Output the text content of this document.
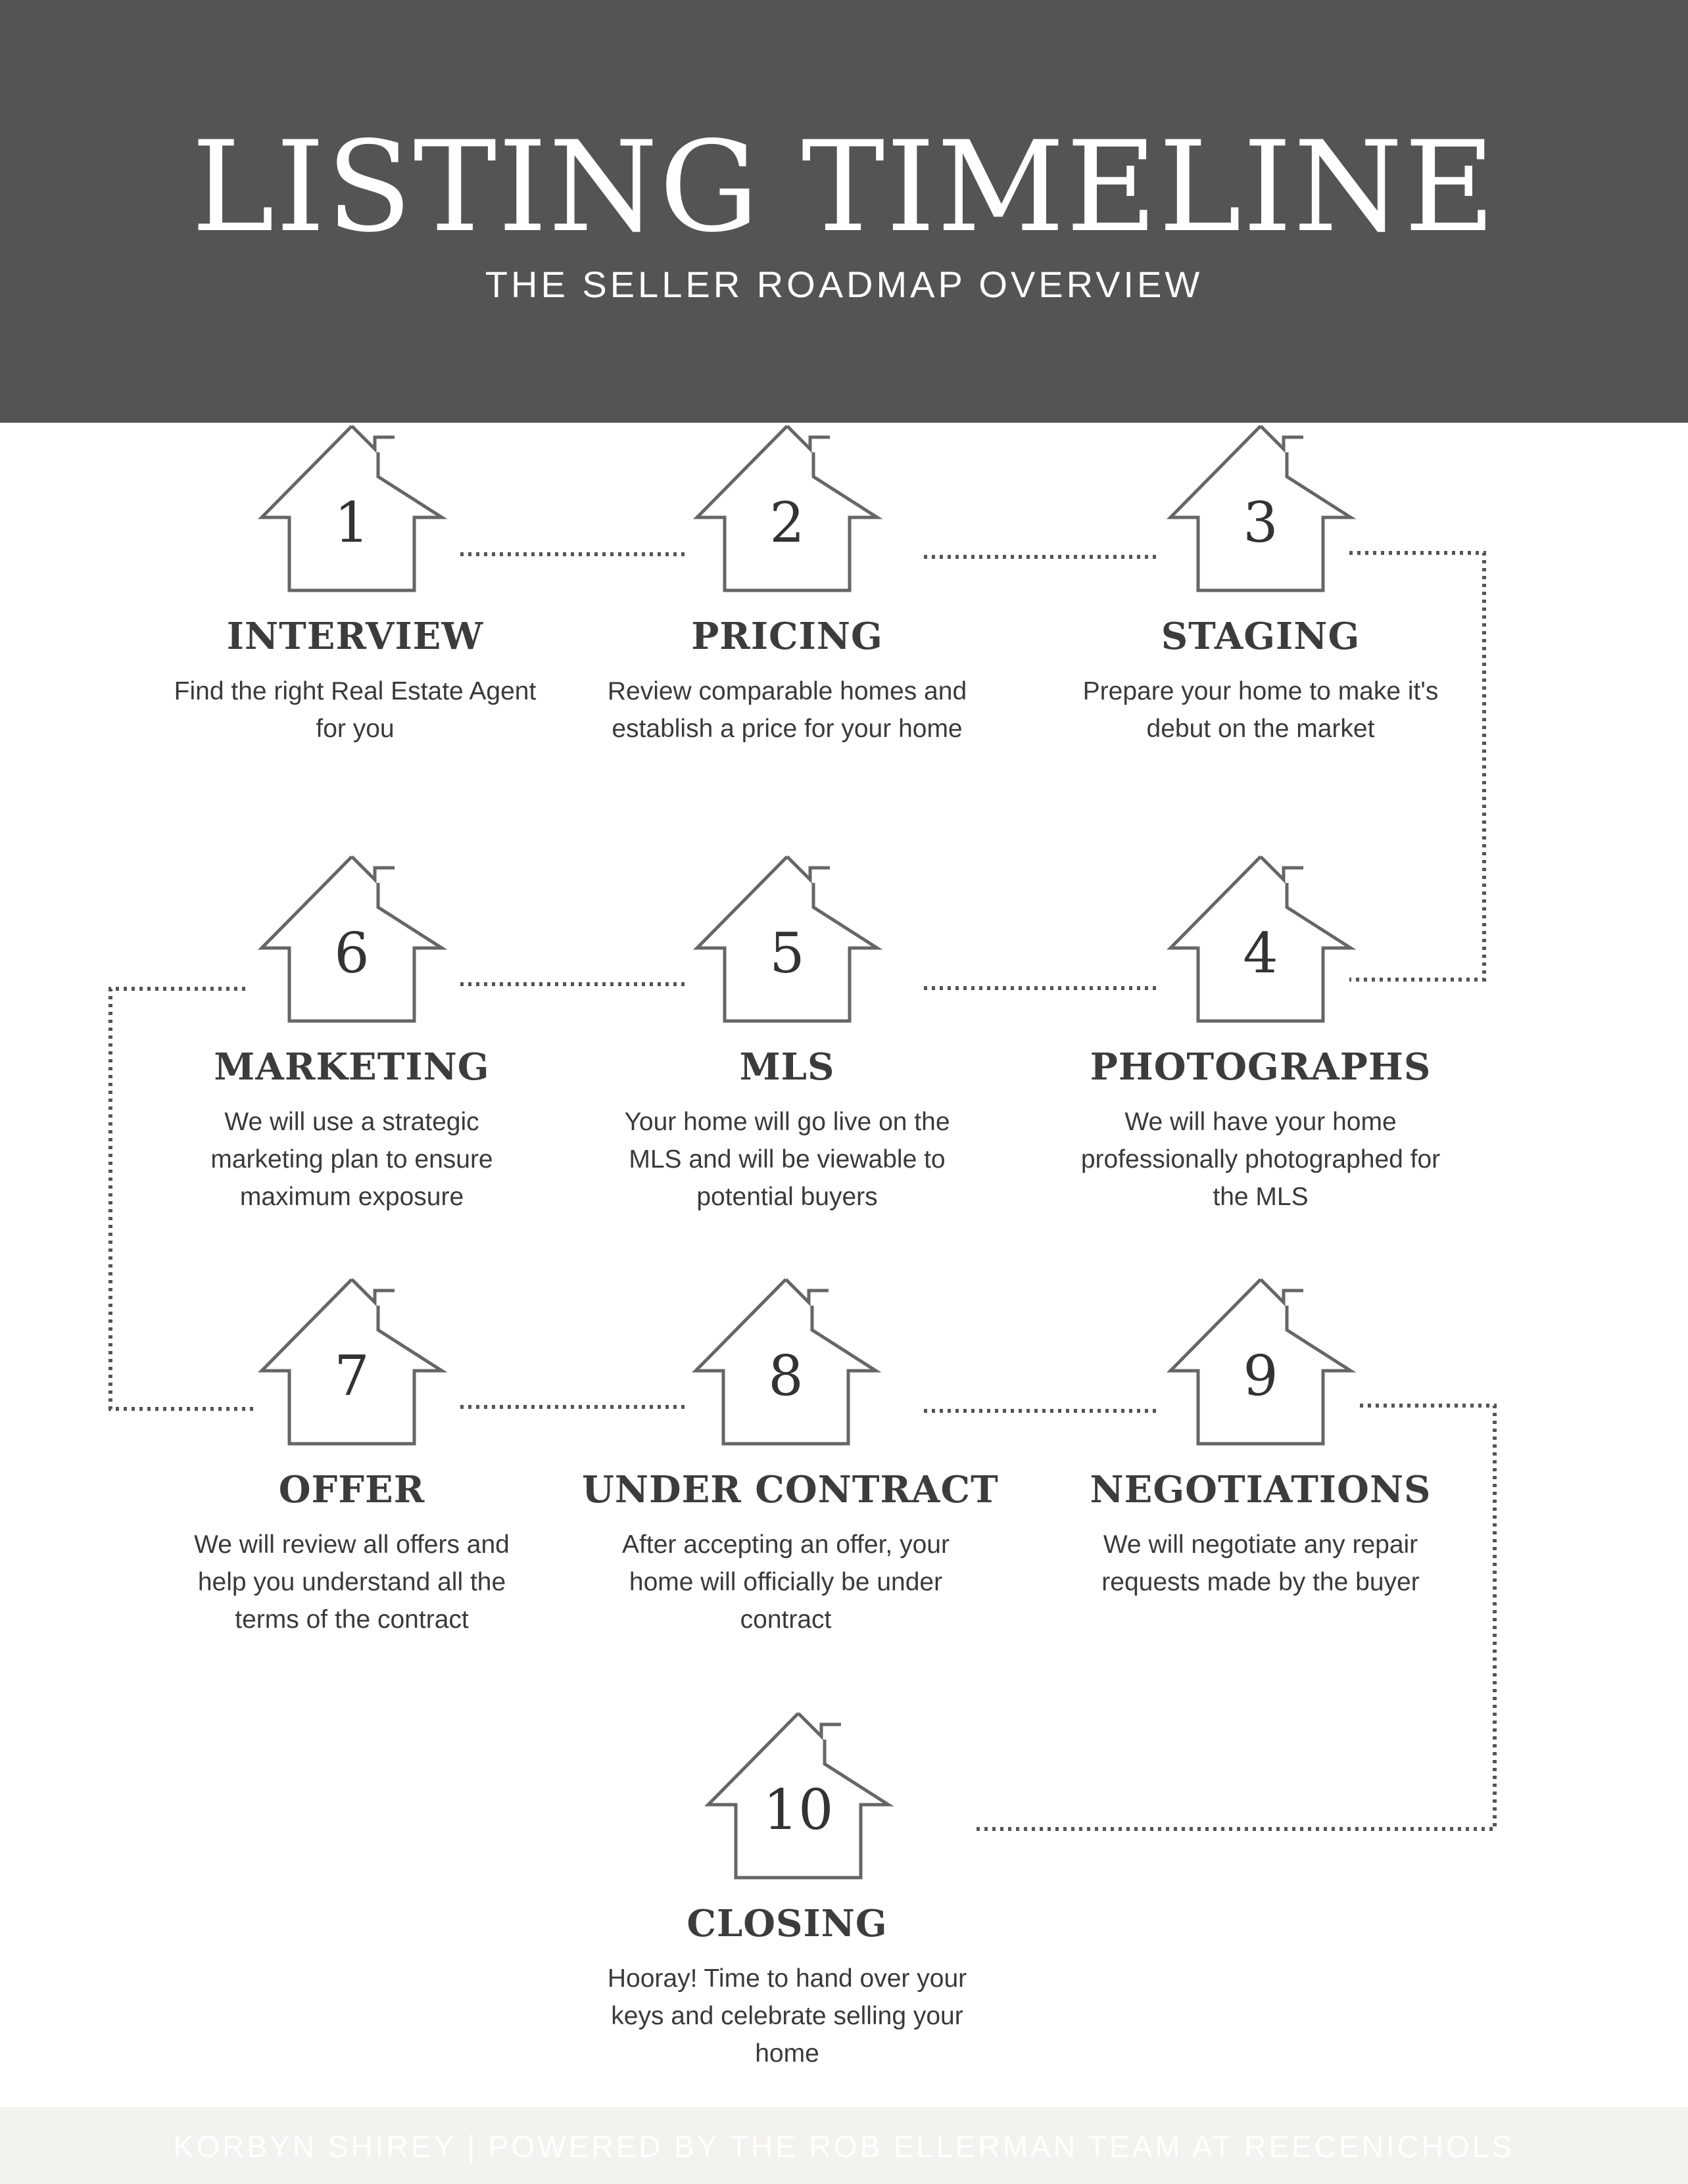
LISTING TIMELINE
THE SELLER ROADMAP OVERVIEW
1
INTERVIEW
Find the right Real Estate Agent for you
2
PRICING
Review comparable homes and establish a price for your home
3
STAGING
Prepare your home to make it's debut on the market
6
MARKETING
We will use a strategic marketing plan to ensure maximum exposure
5
MLS
Your home will go live on the MLS and will be viewable to potential buyers
4
PHOTOGRAPHS
We will have your home professionally photographed for the MLS
7
OFFER
We will review all offers and help you understand all the terms of the contract
8
UNDER CONTRACT
After accepting an offer, your home will officially be under contract
9
NEGOTIATIONS
We will negotiate any repair requests made by the buyer
10
CLOSING
Hooray! Time to hand over your keys and celebrate selling your home
KORBYN SHIREY | POWERED BY THE ROB ELLERMAN TEAM AT REECENICHOLS
